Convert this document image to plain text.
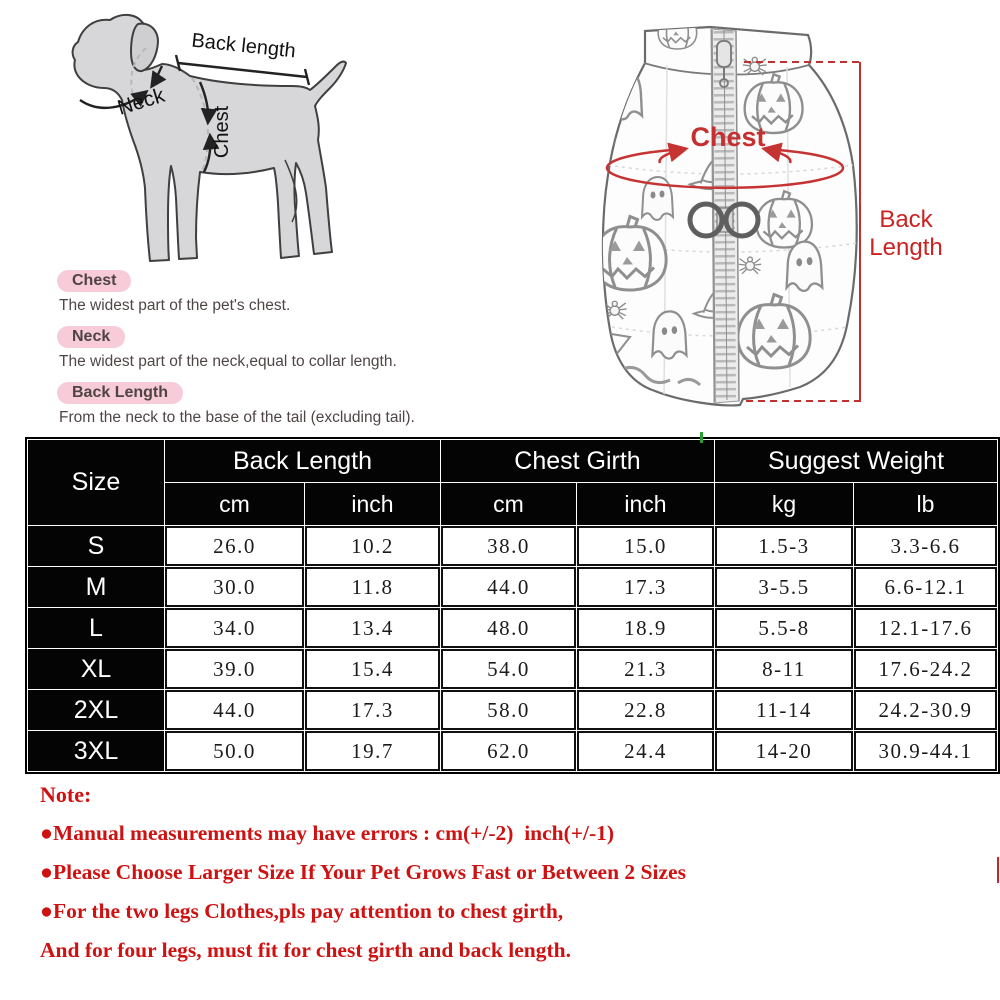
Back length
Neck
Chest	Chest
Back
Length
Chest
The widest part of the pet's chest.
Neck
The widest part of the neck,equal to collar length.
Back Length
From the neck to the base of the tail (excluding tail).
Size	Back Length		Chest Girth		Suggest Weight	
	cm	inch	cm	inch	kg	lb
S	26.0	10.2	38.0	15.0	1.5-3	3.3-6.6
M	30.0	11.8	44.0	17.3	3-5.5	6.6-12.1
L	34.0	13.4	48.0	18.9	5.5-8	12.1-17.6
XL	39.0	15.4	54.0	21.3	8-11	17.6-24.2
2XL	44.0	17.3	58.0	22.8	11-14	24.2-30.9
3XL	50.0	19.7	62.0	24.4	14-20	30.9-44.1
Note:
●Manual measurements may have errors : cm(+/-2)  inch(+/-1)
●Please Choose Larger Size If Your Pet Grows Fast or Between 2 Sizes
●For the two legs Clothes,pls pay attention to chest girth,
And for four legs, must fit for chest girth and back length.
